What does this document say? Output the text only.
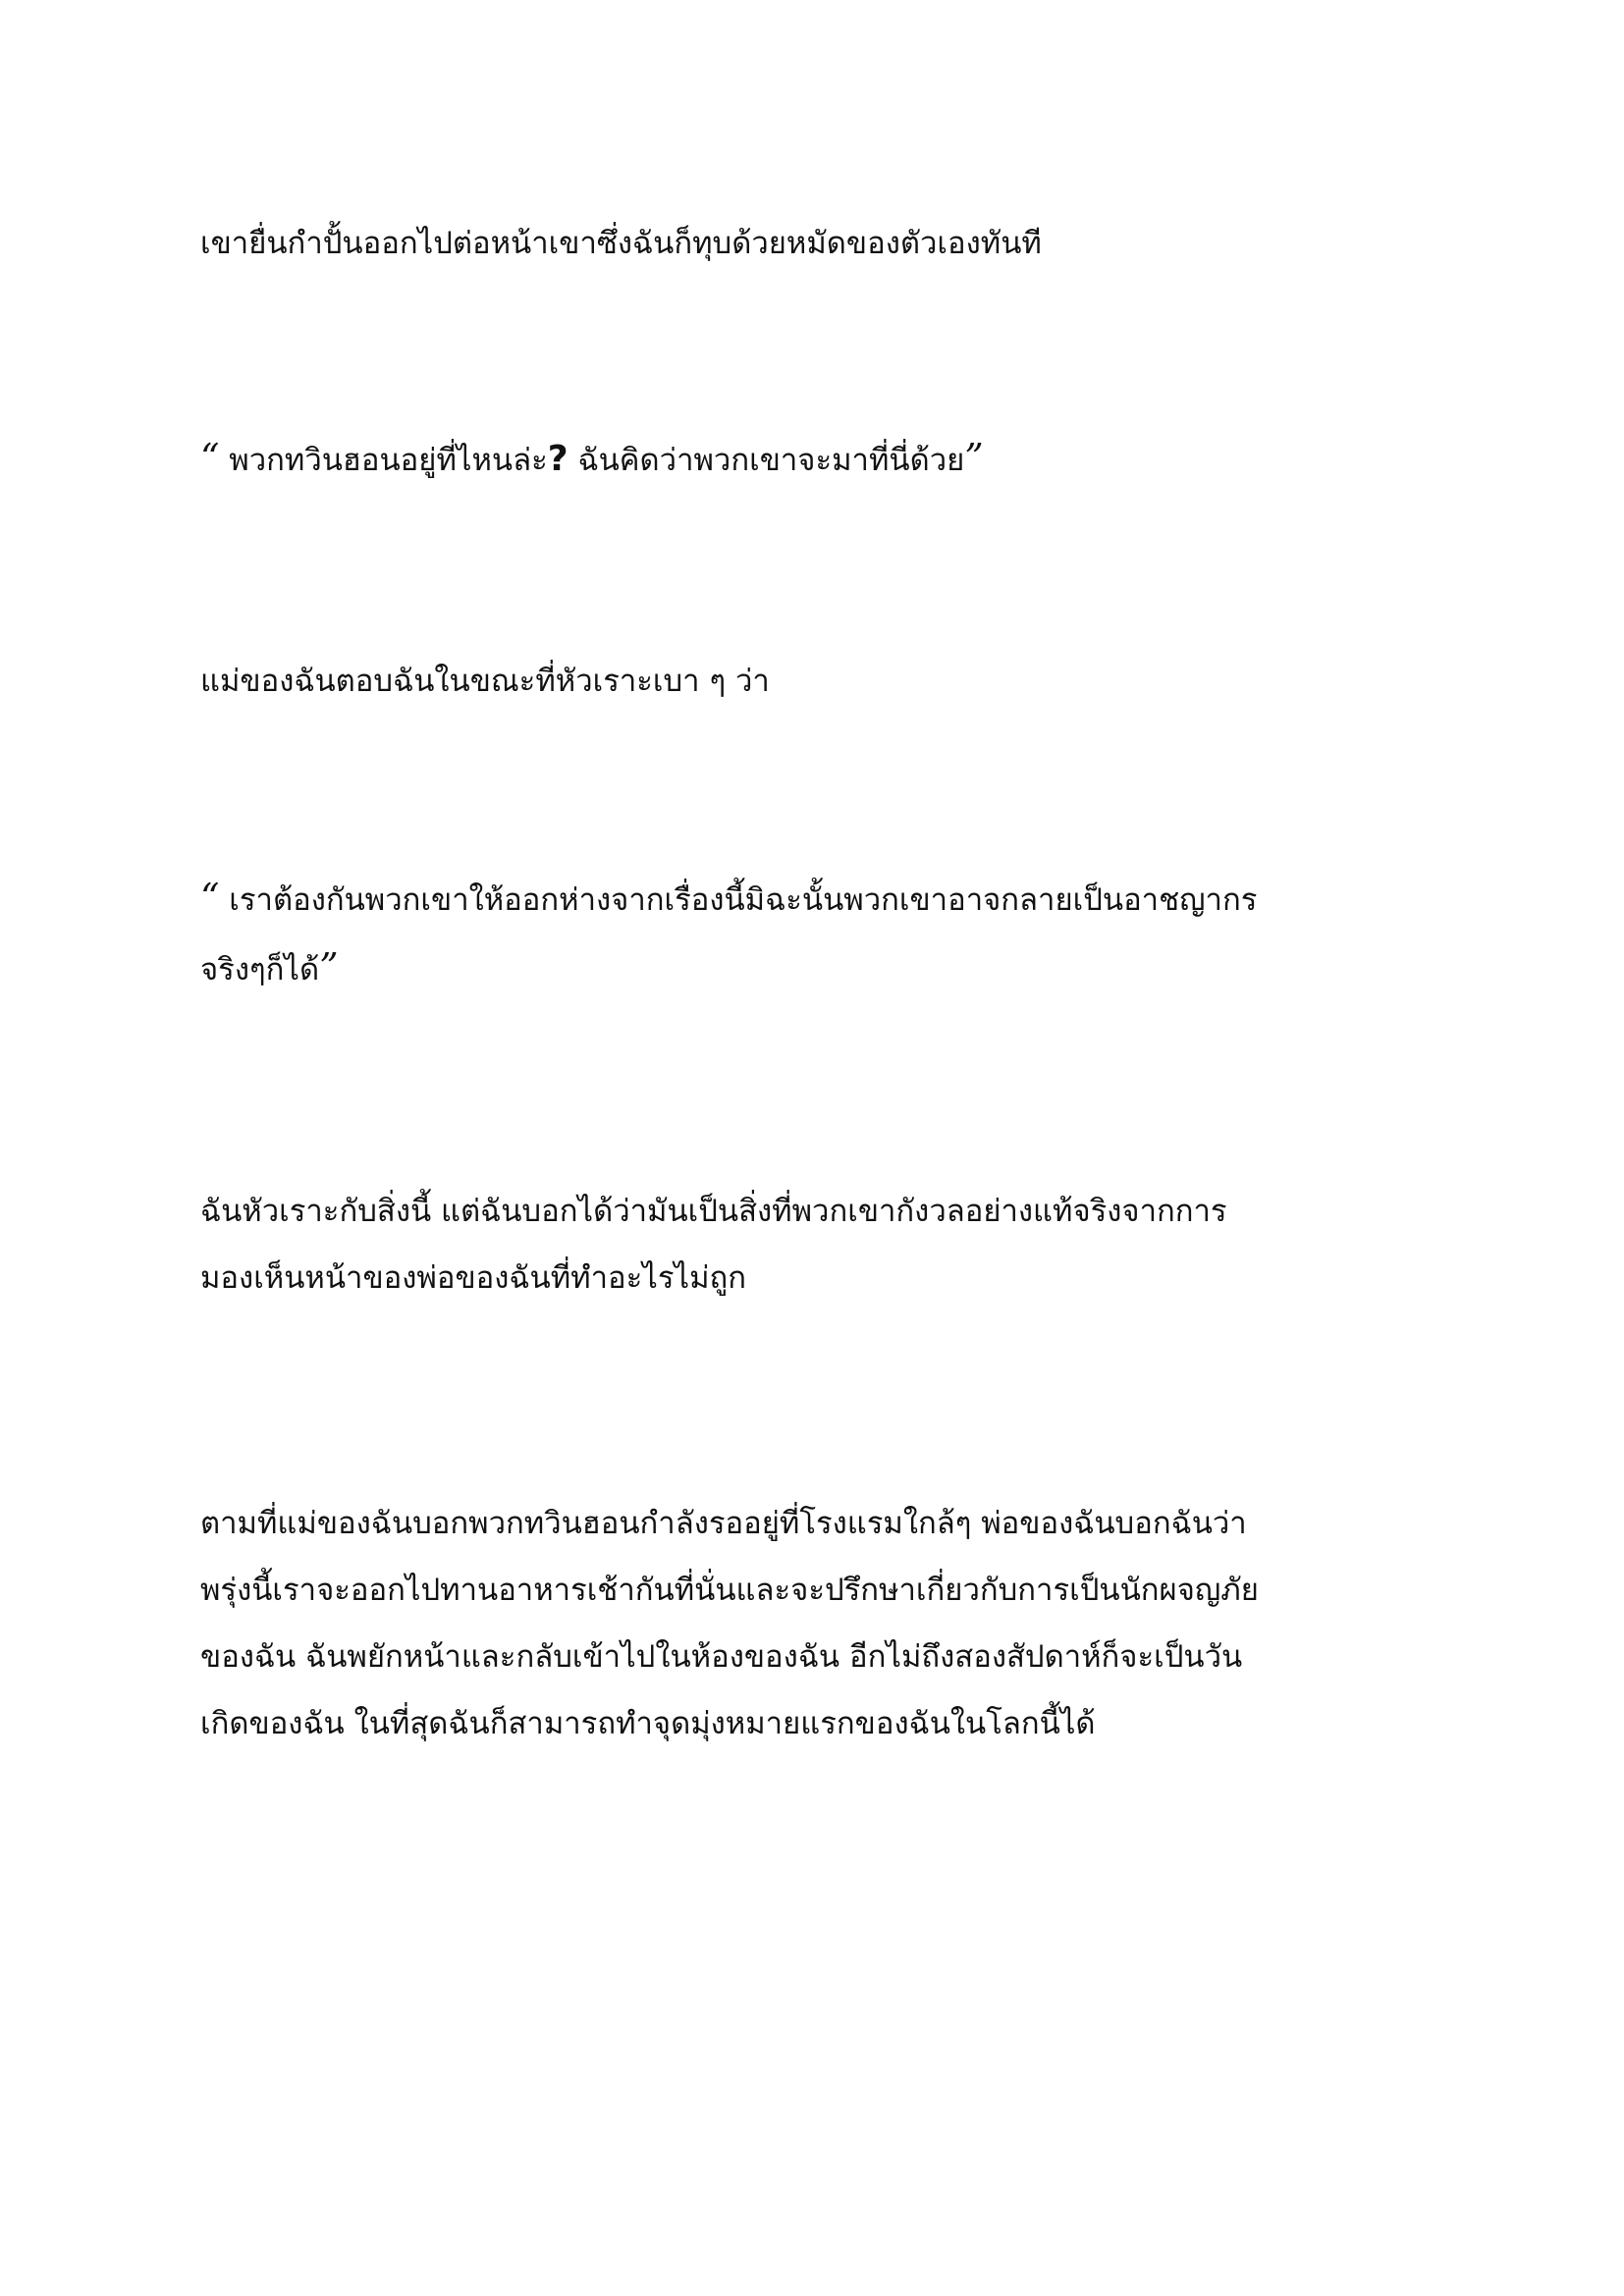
เขายื่นกำปั้นออกไปต่อหน้าเขาซึ่งฉันก็ทุบด้วยหมัดของตัวเองทันที

“ พวกทวินฮอนอยู่ที่ไหนล่ะ? ฉันคิดว่าพวกเขาจะมาที่นี่ด้วย”

แม่ของฉันตอบฉันในขณะที่หัวเราะเบา ๆ ว่า

“ เราต้องกันพวกเขาให้ออกห่างจากเรื่องนี้มิฉะนั้นพวกเขาอาจกลายเป็นอาชญากร
จริงๆก็ได้”

ฉันหัวเราะกับสิ่งนี้ แต่ฉันบอกได้ว่ามันเป็นสิ่งที่พวกเขากังวลอย่างแท้จริงจากการ
มองเห็นหน้าของพ่อของฉันที่ทำอะไรไม่ถูก

ตามที่แม่ของฉันบอกพวกทวินฮอนกำลังรออยู่ที่โรงแรมใกล้ๆ พ่อของฉันบอกฉันว่า
พรุ่งนี้เราจะออกไปทานอาหารเช้ากันที่นั่นและจะปรึกษาเกี่ยวกับการเป็นนักผจญภัย
ของฉัน ฉันพยักหน้าและกลับเข้าไปในห้องของฉัน อีกไม่ถึงสองสัปดาห์ก็จะเป็นวัน
เกิดของฉัน ในที่สุดฉันก็สามารถทำจุดมุ่งหมายแรกของฉันในโลกนี้ได้
